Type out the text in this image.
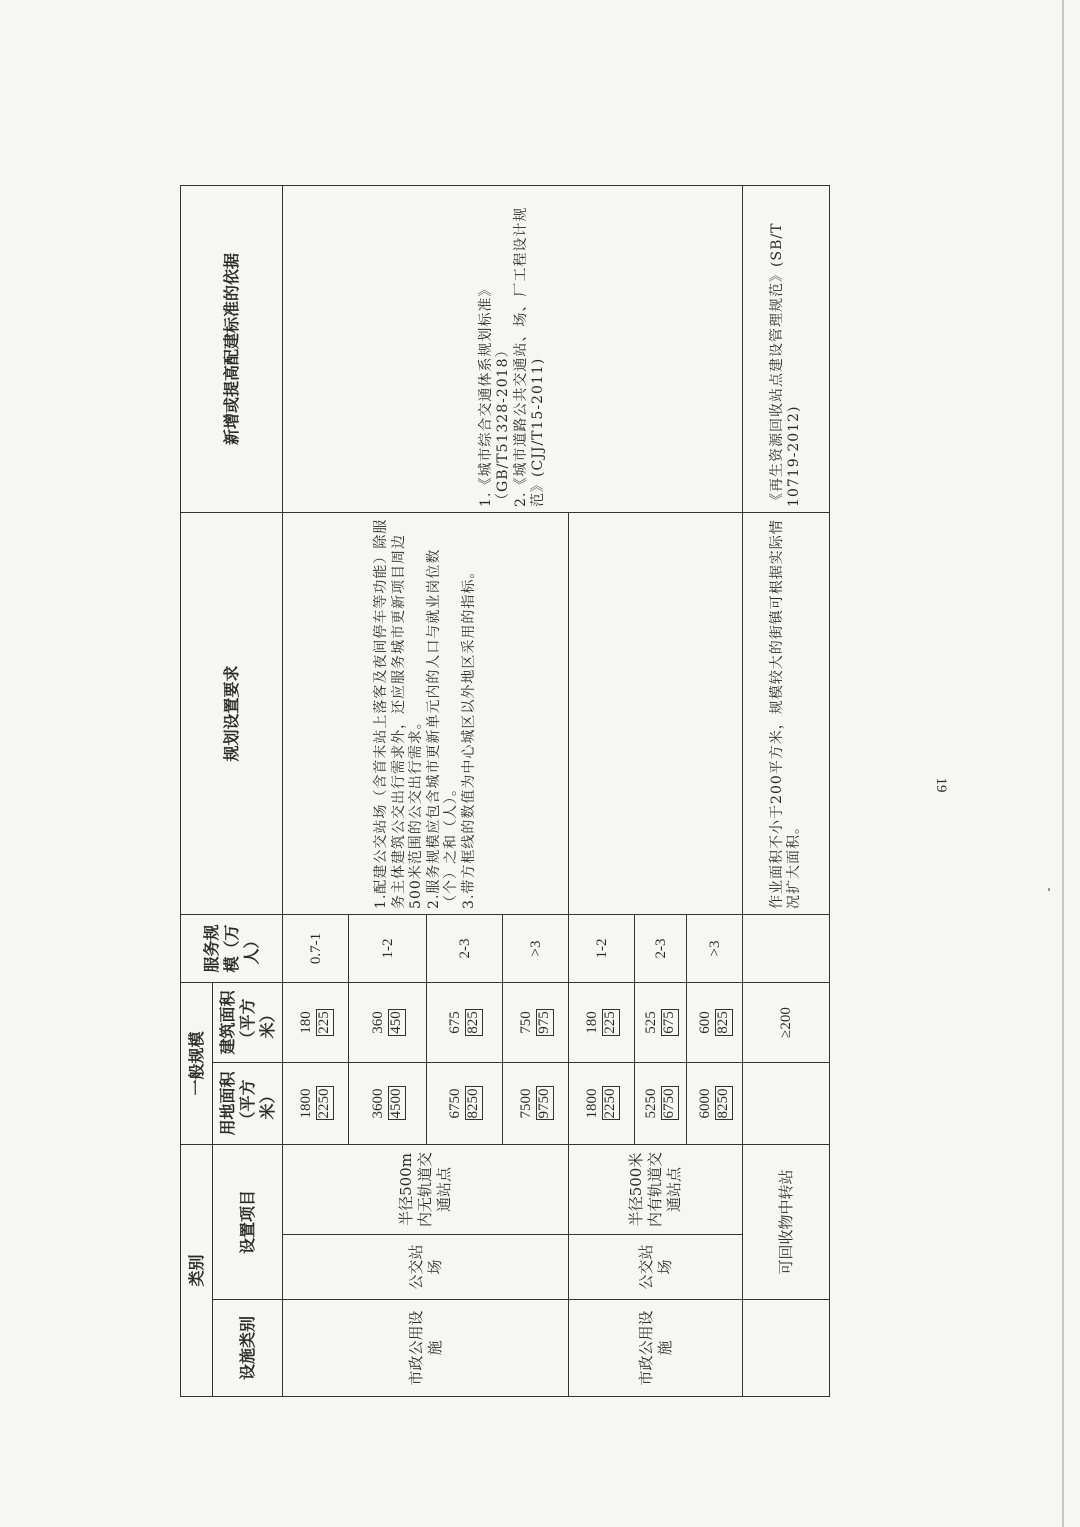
类别			一般规模		服务规模（万人）	规划设置要求	新增或提高配建标准的依据
设施类别	设置项目		用地面积（平方米）	建筑面积（平方米）			
市政公用设施	公交站场	半径500m内无轨道交通站点	1800 2250	180 225	0.7-1	1.配建公交站场（含首末站上落客及夜间停车等功能）除服务主体建筑公交出行需求外，还应服务城市更新项目周边500米范围的公交出行需求。 2.服务规模应包含城市更新单元内的人口与就业岗位数（个）之和（人）。 3.带方框线的数值为中心城区以外地区采用的指标。	1.《城市综合交通体系规划标准》（GB/T51328-2018） 2.《城市道路公共交通站、场、厂工程设计规范》(CJJ/T15-2011)

			3600 4500	360 450	1-2		

			6750 8250	675 825	2-3		

			7500 9750	750 975	>3		
市政公用设施	公交站场	半径500米内有轨道交通站点	1800 2250	180 225	1-2		

			5250 6750	525 675	2-3		

			6000 8250	600 825	>3		
	可回收物中转站			≥200		作业面积不小于200平方米，规模较大的街镇可根据实际情况扩大面积。	《再生资源回收站点建设管理规范》(SB/T 10719-2012)
19
